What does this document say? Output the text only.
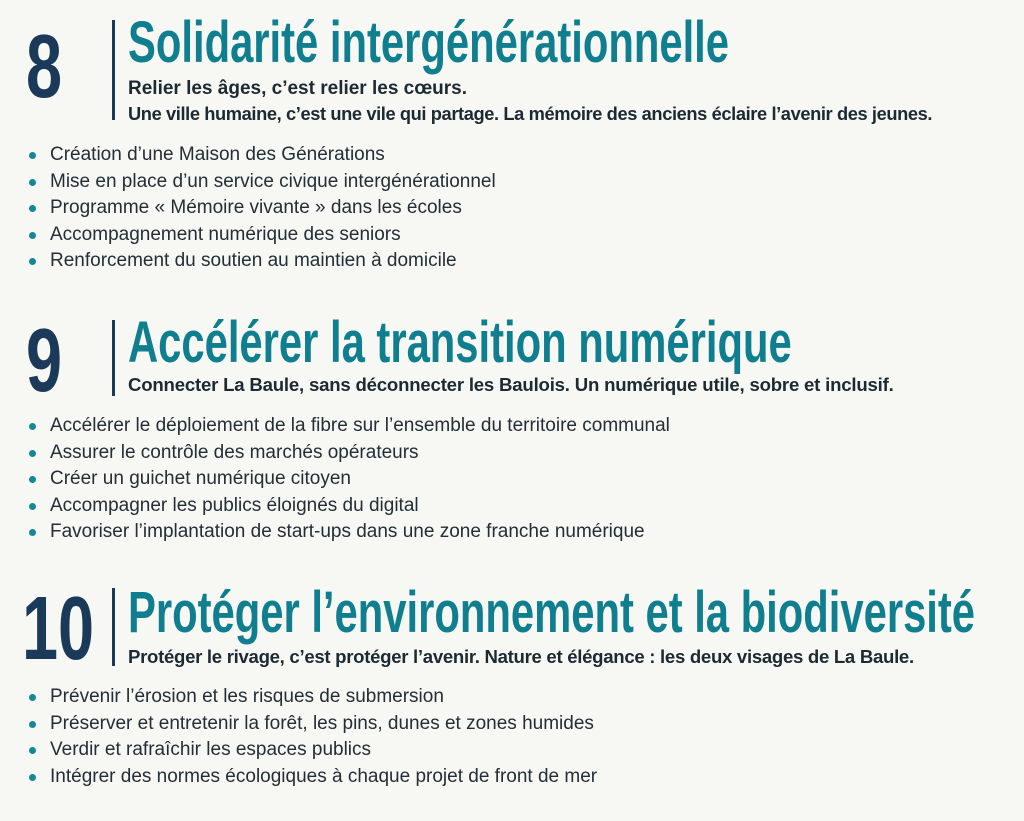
8 Solidarité intergénérationnelle

Relier les âges, c’est relier les cœurs.

Une ville humaine, c’est une vile qui partage. La mémoire des anciens éclaire l’avenir des jeunes.

Création d’une Maison des Générations
Mise en place d’un service civique intergénérationnel
Programme « Mémoire vivante » dans les écoles
Accompagnement numérique des seniors
Renforcement du soutien au maintien à domicile
9 Accélérer la transition numérique

Connecter La Baule, sans déconnecter les Baulois. Un numérique utile, sobre et inclusif.

Accélérer le déploiement de la fibre sur l’ensemble du territoire communal
Assurer le contrôle des marchés opérateurs
Créer un guichet numérique citoyen
Accompagner les publics éloignés du digital
Favoriser l’implantation de start-ups dans une zone franche numérique
10 Protéger l’environnement et la biodiversité

Protéger le rivage, c’est protéger l’avenir. Nature et élégance : les deux visages de La Baule.

Prévenir l’érosion et les risques de submersion
Préserver et entretenir la forêt, les pins, dunes et zones humides
Verdir et rafraîchir les espaces publics
Intégrer des normes écologiques à chaque projet de front de mer
